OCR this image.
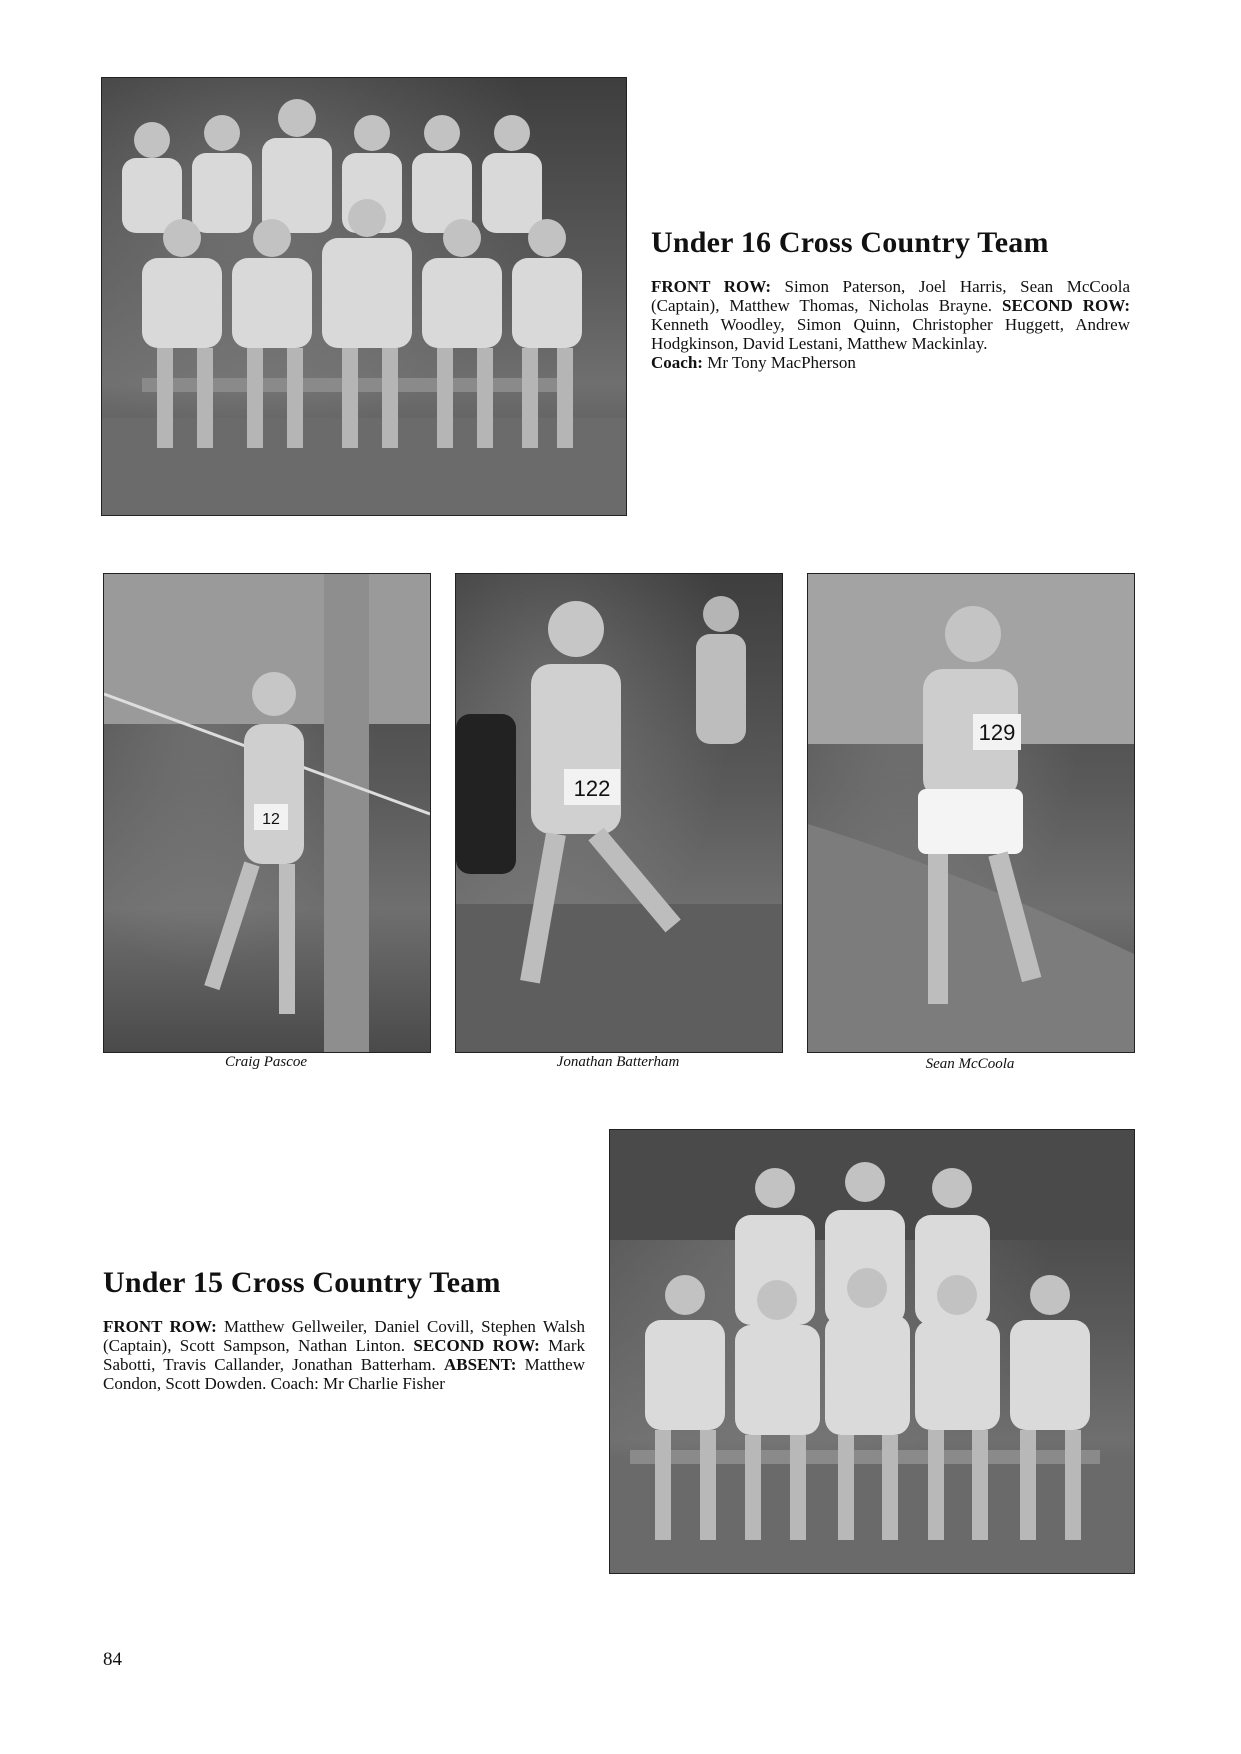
Under 16 Cross Country Team

FRONT ROW: Simon Paterson, Joel Harris, Sean McCoola (Captain), Matthew Thomas, Nicholas Brayne. SECOND ROW: Kenneth Woodley, Simon Quinn, Christopher Huggett, Andrew Hodgkinson, David Lestani, Matthew Mackinlay.
Coach: Mr Tony MacPherson

12
122
129
Craig Pascoe	Jonathan Batterham	Sean McCoola
Under 15 Cross Country Team

FRONT ROW: Matthew Gellweiler, Daniel Covill, Stephen Walsh (Captain), Scott Sampson, Nathan Linton. SECOND ROW: Mark Sabotti, Travis Callander, Jonathan Batterham. ABSENT: Matthew Condon, Scott Dowden. Coach: Mr Charlie Fisher

84
